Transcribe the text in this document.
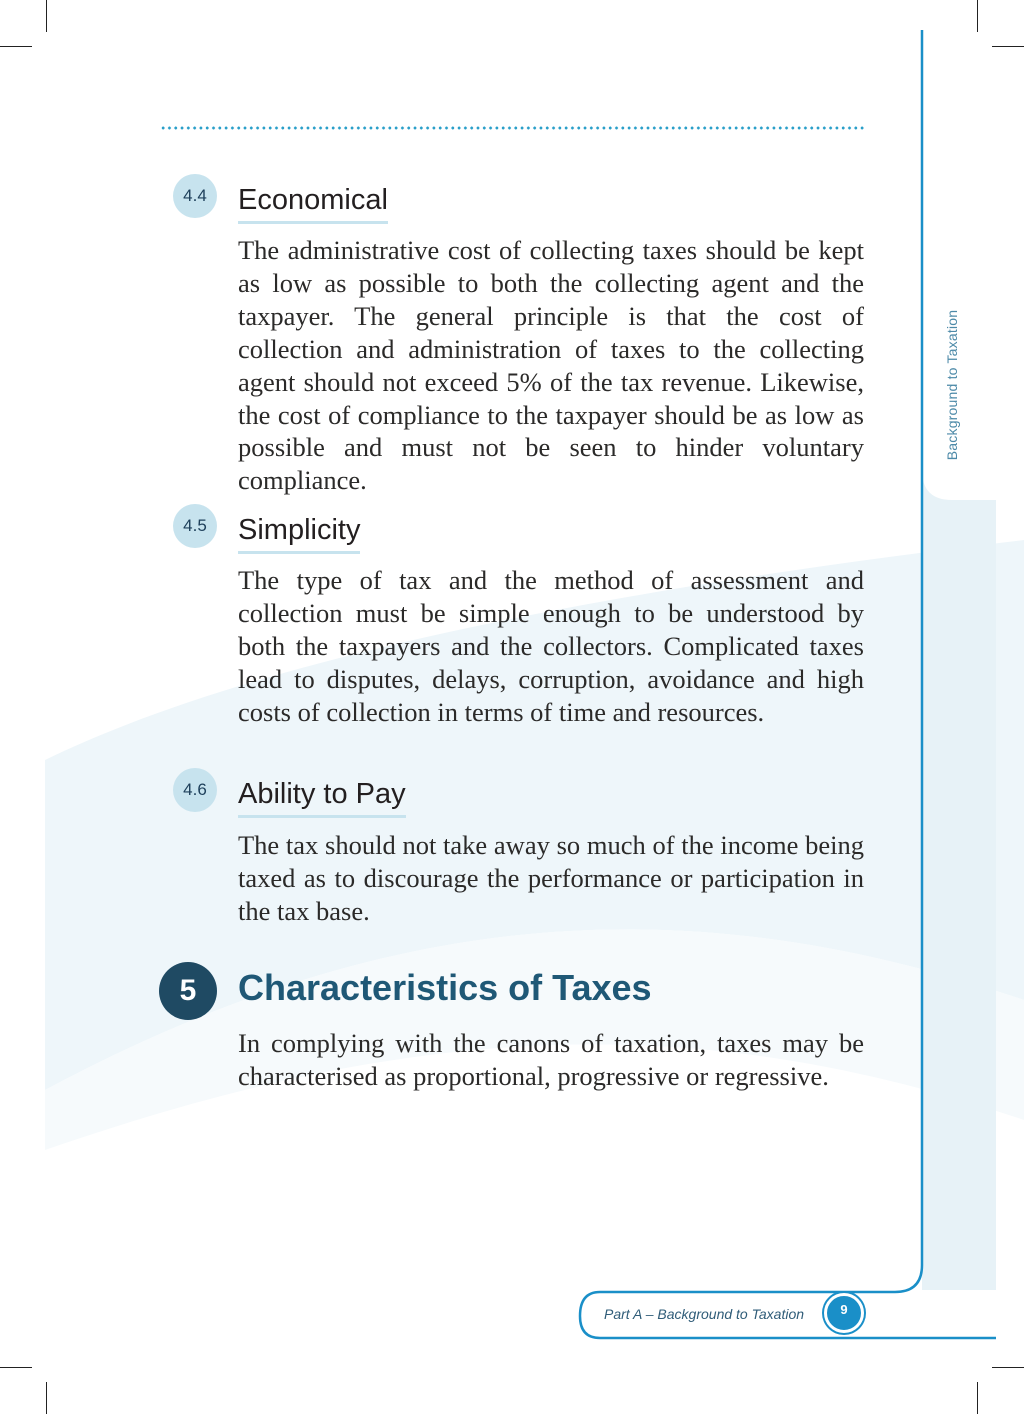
Background to Taxation
4.4	Economical
The administrative cost of collecting taxes should be kept as low as possible to both the collecting agent and the taxpayer. The general principle is that the cost of collection and administration of taxes to the collecting agent should not exceed 5% of the tax revenue. Likewise, the cost of compliance to the taxpayer should be as low as possible and must not be seen to hinder voluntary compliance.
4.5	Simplicity
The type of tax and the method of assessment and collection must be simple enough to be understood by both the taxpayers and the collectors. Complicated taxes lead to disputes, delays, corruption, avoidance and high costs of collection in terms of time and resources.
4.6	Ability to Pay
The tax should not take away so much of the income being taxed as to discourage the performance or participation in the tax base.
5	Characteristics of Taxes
In complying with the canons of taxation, taxes may be characterised as proportional, progressive or regressive.
Part A – Background to Taxation	9
